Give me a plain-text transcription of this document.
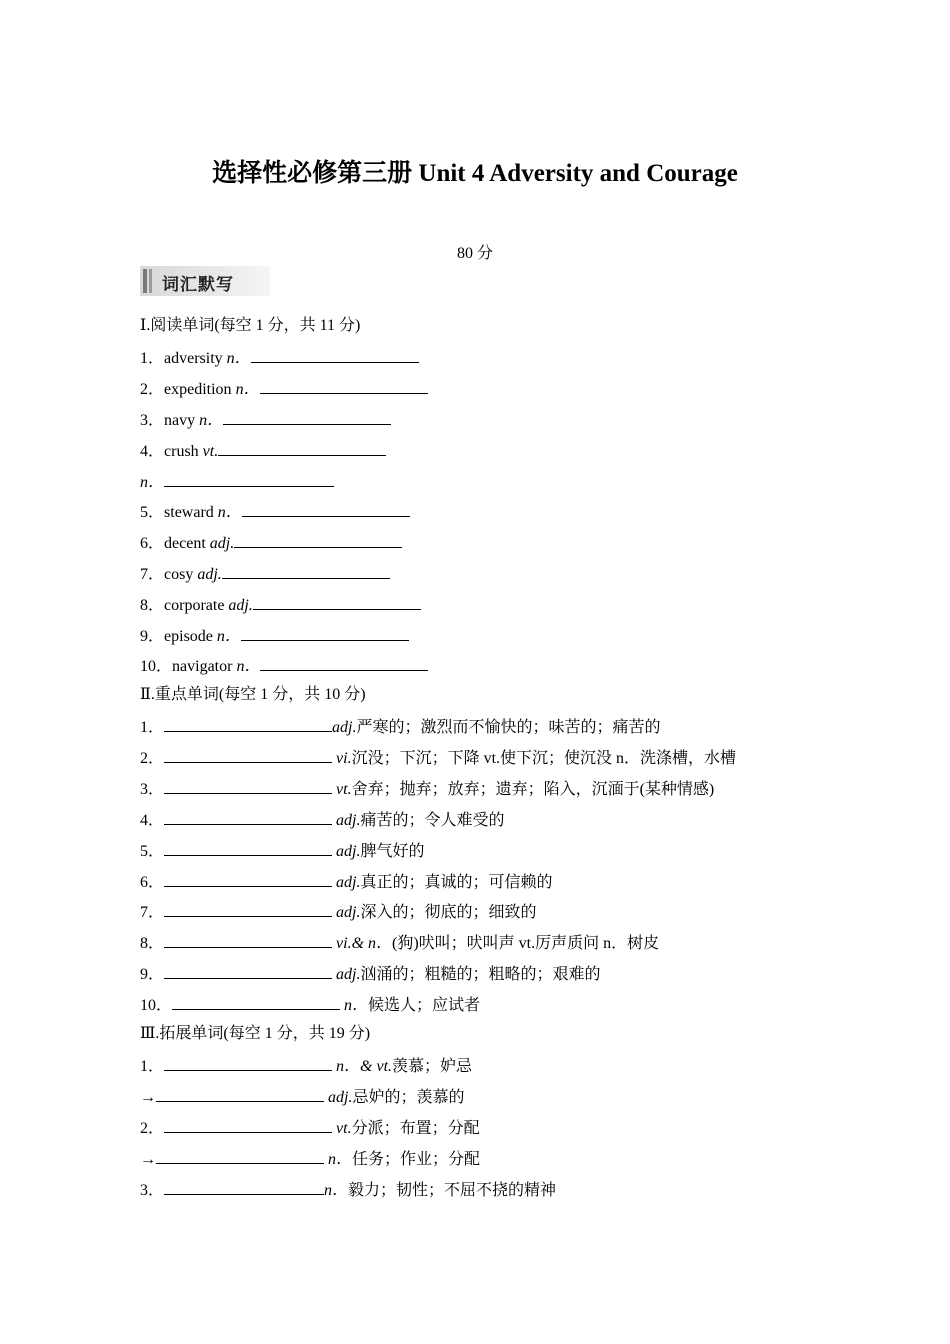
选择性必修第三册 Unit 4 Adversity and Courage
80 分
词汇默写
Ⅰ.阅读单词(每空 1 分，共 11 分)
1．adversity n．
2．expedition n．
3．navy n．
4．crush vt.
n．
5．steward n．
6．decent adj.
7．cosy adj.
8．corporate adj.
9．episode n．
10．navigator n．
Ⅱ.重点单词(每空 1 分，共 10 分)
1．	adj.严寒的；激烈而不愉快的；味苦的；痛苦的
2．	vi.沉没；下沉；下降 vt.使下沉；使沉没 n．洗涤槽，水槽
3．	vt.舍弃；抛弃；放弃；遗弃；陷入，沉湎于(某种情感)
4．	adj.痛苦的；令人难受的
5．	adj.脾气好的
6．	adj.真正的；真诚的；可信赖的
7．	adj.深入的；彻底的；细致的
8．	vi.& n．(狗)吠叫；吠叫声 vt.厉声质问 n．树皮
9．	adj.汹涌的；粗糙的；粗略的；艰难的
10．	n．候选人；应试者
Ⅲ.拓展单词(每空 1 分，共 19 分)
1．	n．& vt.羡慕；妒忌
→	adj.忌妒的；羡慕的
2．	vt.分派；布置；分配
→	n．任务；作业；分配
3．	n．毅力；韧性；不屈不挠的精神
